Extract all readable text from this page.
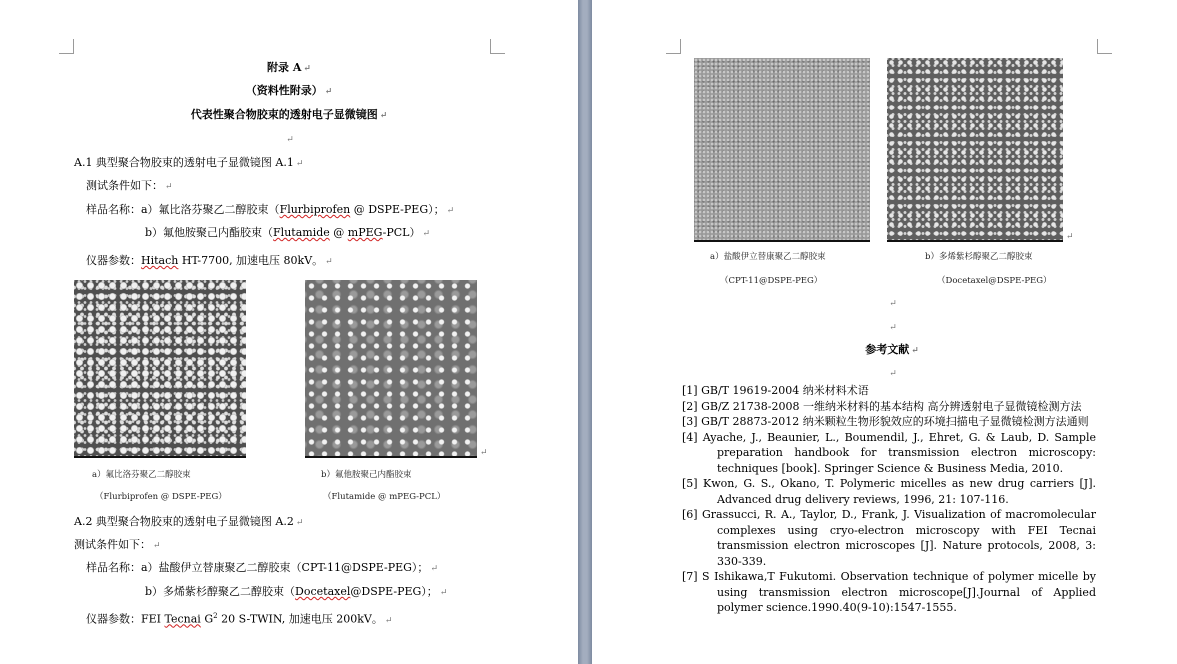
附录 A ↵
（资料性附录） ↵
代表性聚合物胶束的透射电子显微镜图 ↵
↵
A.1 典型聚合物胶束的透射电子显微镜图 A.1 ↵
测试条件如下： ↵
样品名称：a）氟比洛芬聚乙二醇胶束（Flurbiprofen @ DSPE-PEG）； ↵
b）氟他胺聚己内酯胶束（Flutamide @ mPEG-PCL） ↵
仪器参数：Hitach HT-7700, 加速电压 80kV。 ↵
↵
a）氟比洛芬聚乙二醇胶束
（Flurbiprofen @ DSPE-PEG）
b）氟他胺聚己内酯胶束
（Flutamide @ mPEG-PCL）
A.2 典型聚合物胶束的透射电子显微镜图 A.2 ↵
测试条件如下： ↵
样品名称：a）盐酸伊立替康聚乙二醇胶束（CPT-11@DSPE-PEG）； ↵
b）多烯紫杉醇聚乙二醇胶束（Docetaxel@DSPE-PEG）； ↵
仪器参数：FEI Tecnai $G^2$ 20 S-TWIN, 加速电压 200kV。 ↵
↵
a）盐酸伊立替康聚乙二醇胶束
（CPT-11@DSPE-PEG）
b）多烯紫杉醇聚乙二醇胶束
（Docetaxel@DSPE-PEG）
↵
↵
参考文献 ↵
↵
[1] GB/T 19619-2004 纳米材料术语
[2] GB/Z 21738-2008 一维纳米材料的基本结构 高分辨透射电子显微镜检测方法
[3] GB/T 28873-2012 纳米颗粒生物形貌效应的环境扫描电子显微镜检测方法通则
[4] Ayache, J., Beaunier, L., Boumendil, J., Ehret, G. & Laub, D. Sample preparation handbook for transmission electron microscopy: techniques [book]. Springer Science & Business Media, 2010.
[5] Kwon, G. S., Okano, T. Polymeric micelles as new drug carriers [J]. Advanced drug delivery reviews, 1996, 21: 107-116.
[6] Grassucci, R. A., Taylor, D., Frank, J. Visualization of macromolecular complexes using cryo-electron microscopy with FEI Tecnai transmission electron microscopes [J]. Nature protocols, 2008, 3: 330-339.
[7] S Ishikawa,T Fukutomi. Observation technique of polymer micelle by using transmission electron microscope[J].Journal of Applied polymer science.1990.40(9-10):1547-1555.
